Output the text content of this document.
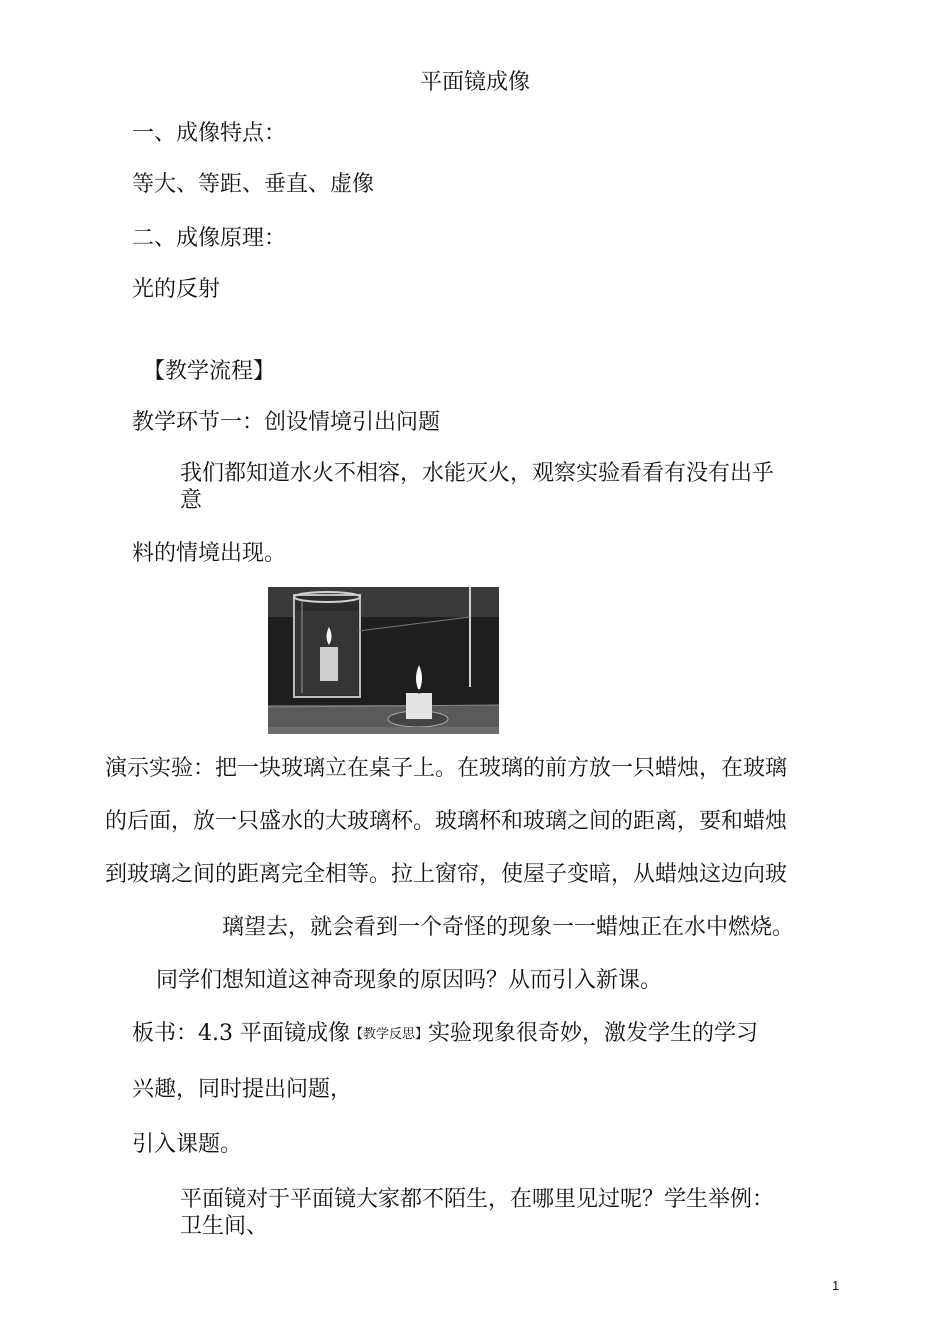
平面镜成像
一、成像特点：
等大、等距、垂直、虚像
二、成像原理：
光的反射
【教学流程】
教学环节一：创设情境引出问题
我们都知道水火不相容，水能灭火，观察实验看看有没有出乎
意
料的情境出现。
演示实验：把一块玻璃立在桌子上。在玻璃的前方放一只蜡烛，在玻璃
的后面，放一只盛水的大玻璃杯。玻璃杯和玻璃之间的距离，要和蜡烛
到玻璃之间的距离完全相等。拉上窗帘，使屋子变暗，从蜡烛这边向玻
璃望去，就会看到一个奇怪的现象一一蜡烛正在水中燃烧。
同学们想知道这神奇现象的原因吗？从而引入新课。
板书：4.3 平面镜成像【教学反思】实验现象很奇妙，激发学生的学习
兴趣，同时提出问题，
引入课题。
平面镜对于平面镜大家都不陌生，在哪里见过呢？学生举例：
卫生间、
1
